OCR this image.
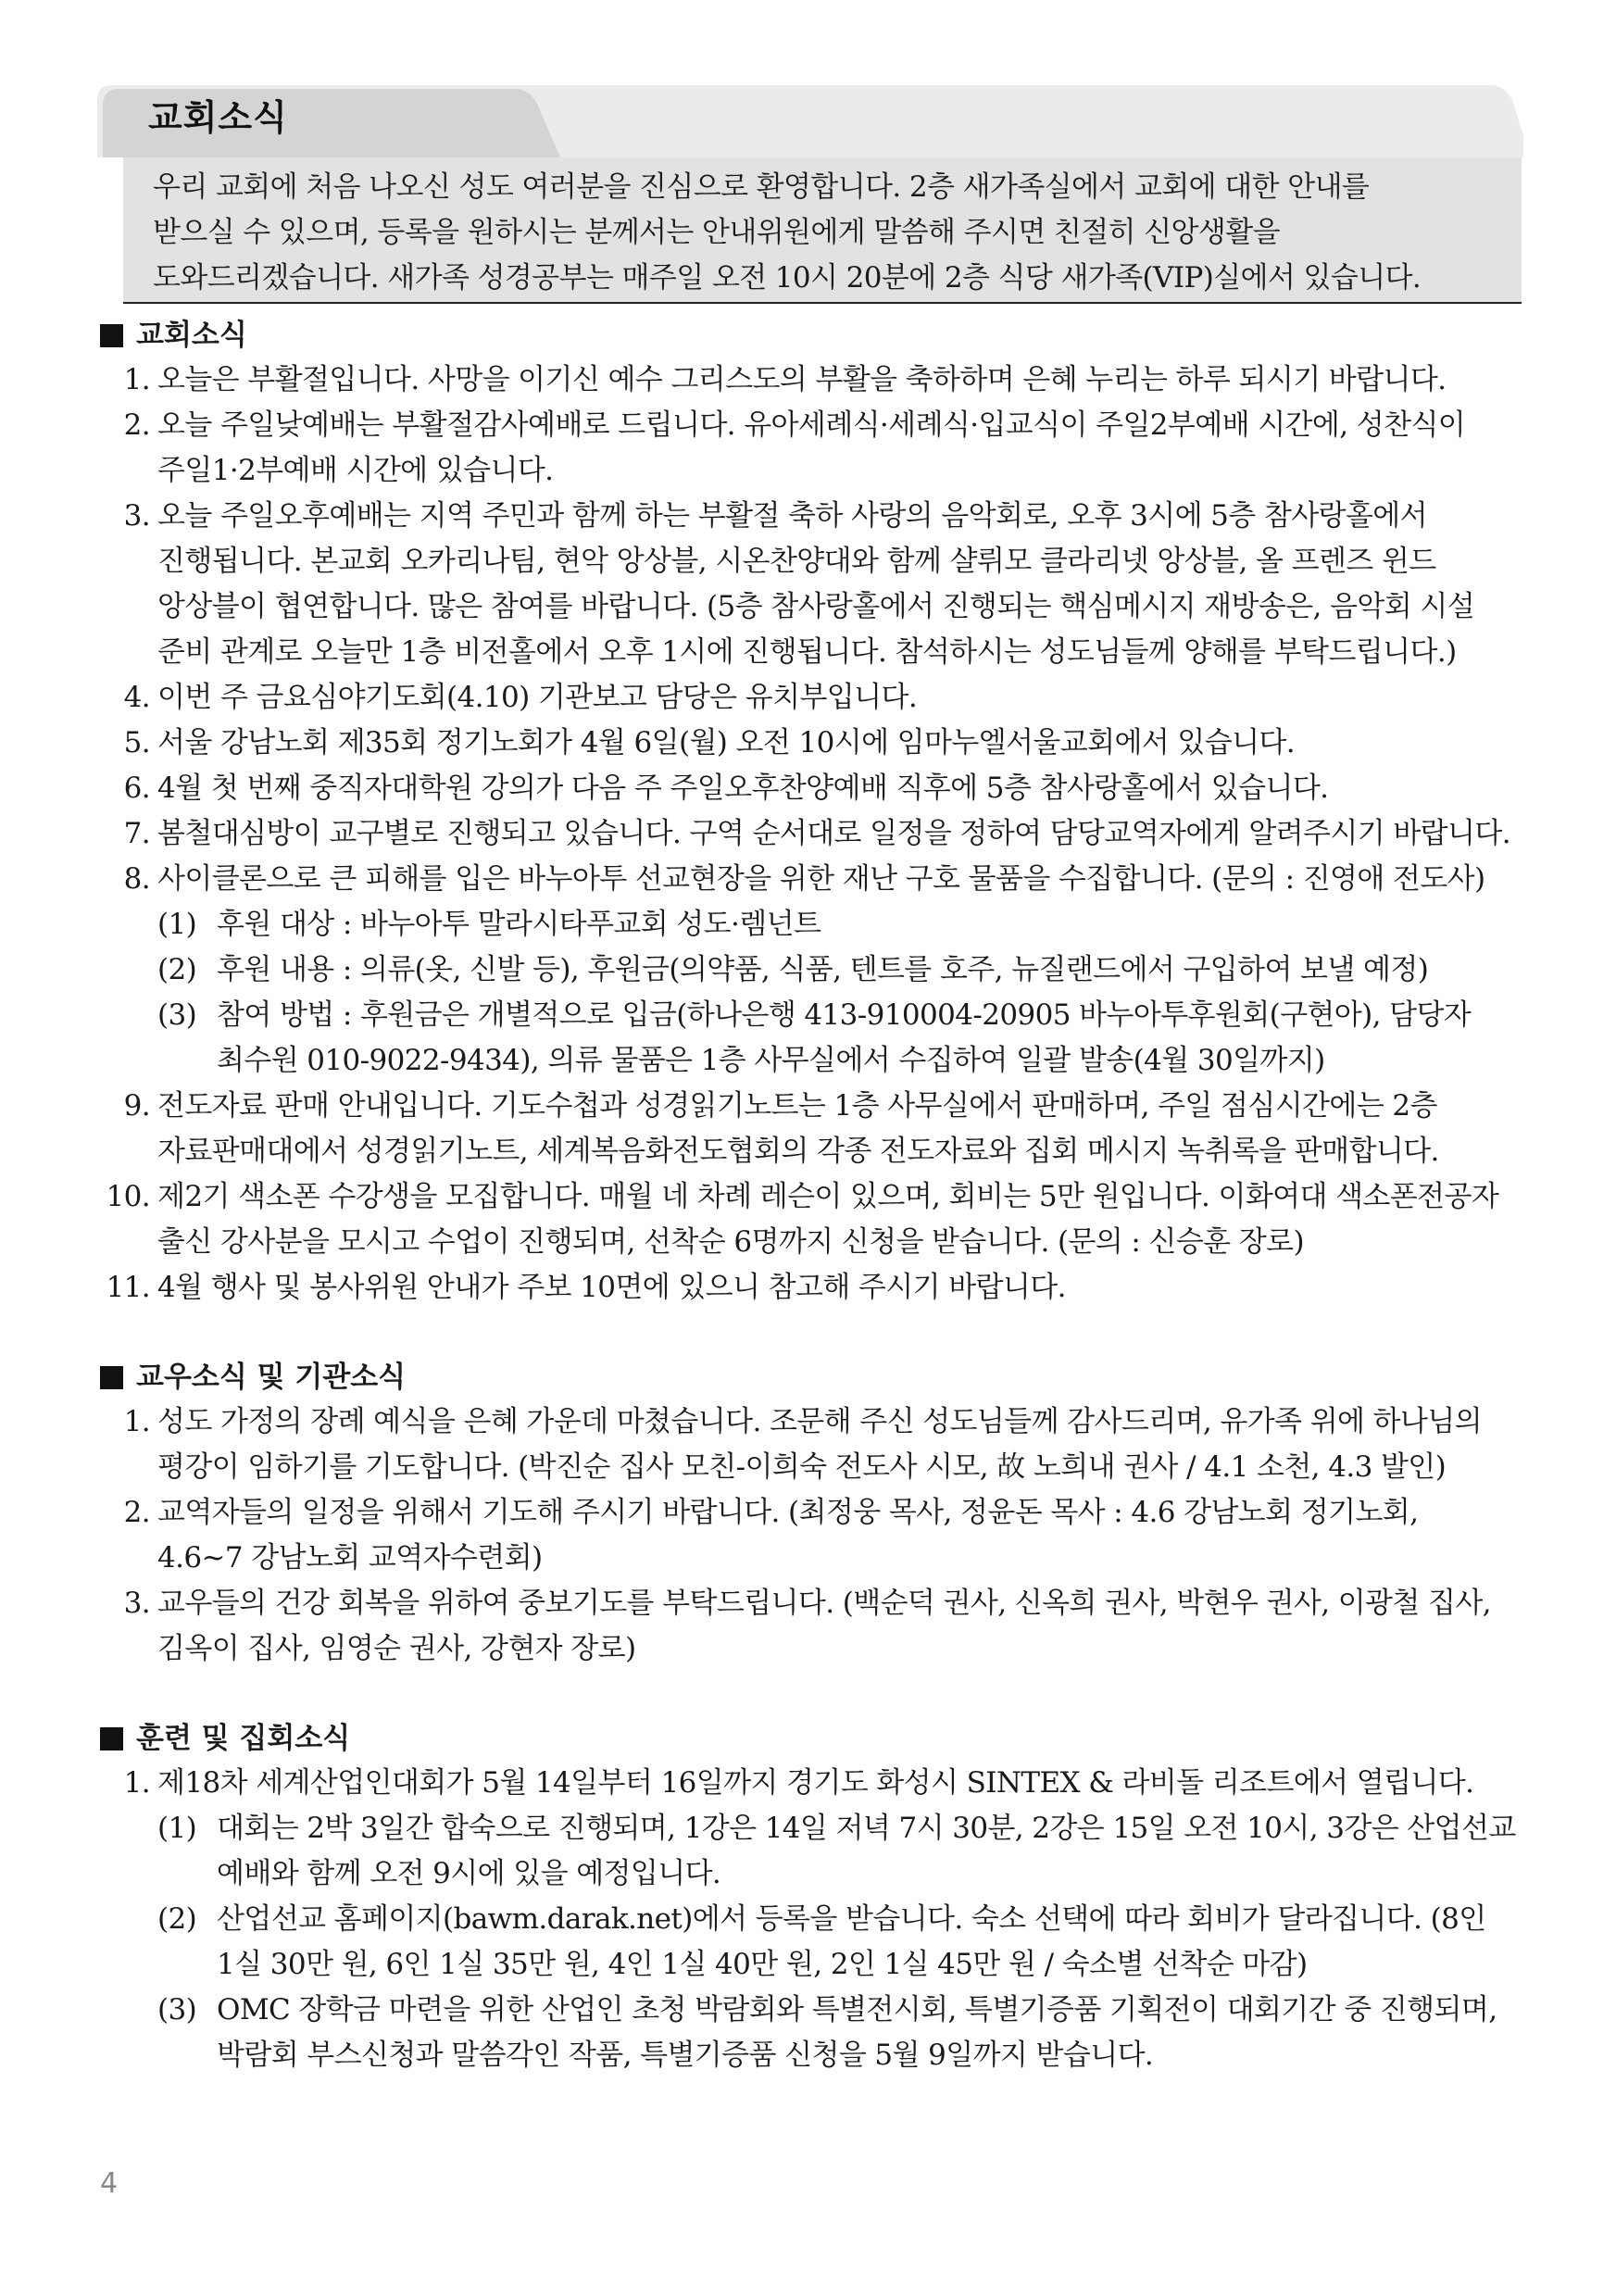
교회소식

우리 교회에 처음 나오신 성도 여러분을 진심으로 환영합니다. 2층 새가족실에서 교회에 대한 안내를

받으실 수 있으며, 등록을 원하시는 분께서는 안내위원에게 말씀해 주시면 친절히 신앙생활을

도와드리겠습니다. 새가족 성경공부는 매주일 오전 10시 20분에 2층 식당 새가족(VIP)실에서 있습니다.

교회소식
1. 오늘은 부활절입니다. 사망을 이기신 예수 그리스도의 부활을 축하하며 은혜 누리는 하루 되시기 바랍니다.
2. 오늘 주일낮예배는 부활절감사예배로 드립니다. 유아세례식·세례식·입교식이 주일2부예배 시간에, 성찬식이
주일1·2부예배 시간에 있습니다.
3. 오늘 주일오후예배는 지역 주민과 함께 하는 부활절 축하 사랑의 음악회로, 오후 3시에 5층 참사랑홀에서
진행됩니다. 본교회 오카리나팀, 현악 앙상블, 시온찬양대와 함께 샬뤼모 클라리넷 앙상블, 올 프렌즈 윈드
앙상블이 협연합니다. 많은 참여를 바랍니다. (5층 참사랑홀에서 진행되는 핵심메시지 재방송은, 음악회 시설
준비 관계로 오늘만 1층 비전홀에서 오후 1시에 진행됩니다. 참석하시는 성도님들께 양해를 부탁드립니다.)
4. 이번 주 금요심야기도회(4.10) 기관보고 담당은 유치부입니다.
5. 서울 강남노회 제35회 정기노회가 4월 6일(월) 오전 10시에 임마누엘서울교회에서 있습니다.
6. 4월 첫 번째 중직자대학원 강의가 다음 주 주일오후찬양예배 직후에 5층 참사랑홀에서 있습니다.
7. 봄철대심방이 교구별로 진행되고 있습니다. 구역 순서대로 일정을 정하여 담당교역자에게 알려주시기 바랍니다.
8. 사이클론으로 큰 피해를 입은 바누아투 선교현장을 위한 재난 구호 물품을 수집합니다. (문의 : 진영애 전도사)
(1) 후원 대상 : 바누아투 말라시타푸교회 성도·렘넌트
(2) 후원 내용 : 의류(옷, 신발 등), 후원금(의약품, 식품, 텐트를 호주, 뉴질랜드에서 구입하여 보낼 예정)
(3) 참여 방법 : 후원금은 개별적으로 입금(하나은행 413-910004-20905 바누아투후원회(구현아), 담당자
최수원 010-9022-9434), 의류 물품은 1층 사무실에서 수집하여 일괄 발송(4월 30일까지)
9. 전도자료 판매 안내입니다. 기도수첩과 성경읽기노트는 1층 사무실에서 판매하며, 주일 점심시간에는 2층
자료판매대에서 성경읽기노트, 세계복음화전도협회의 각종 전도자료와 집회 메시지 녹취록을 판매합니다.
10. 제2기 색소폰 수강생을 모집합니다. 매월 네 차례 레슨이 있으며, 회비는 5만 원입니다. 이화여대 색소폰전공자
출신 강사분을 모시고 수업이 진행되며, 선착순 6명까지 신청을 받습니다. (문의 : 신승훈 장로)
11. 4월 행사 및 봉사위원 안내가 주보 10면에 있으니 참고해 주시기 바랍니다.
교우소식 및 기관소식
1. 성도 가정의 장례 예식을 은혜 가운데 마쳤습니다. 조문해 주신 성도님들께 감사드리며, 유가족 위에 하나님의
평강이 임하기를 기도합니다. (박진순 집사 모친-이희숙 전도사 시모, 故 노희내 권사 / 4.1 소천, 4.3 발인)
2. 교역자들의 일정을 위해서 기도해 주시기 바랍니다. (최정웅 목사, 정윤돈 목사 : 4.6 강남노회 정기노회,
4.6~7 강남노회 교역자수련회)
3. 교우들의 건강 회복을 위하여 중보기도를 부탁드립니다. (백순덕 권사, 신옥희 권사, 박현우 권사, 이광철 집사,
김옥이 집사, 임영순 권사, 강현자 장로)
훈련 및 집회소식
1. 제18차 세계산업인대회가 5월 14일부터 16일까지 경기도 화성시 SINTEX & 라비돌 리조트에서 열립니다.
(1) 대회는 2박 3일간 합숙으로 진행되며, 1강은 14일 저녁 7시 30분, 2강은 15일 오전 10시, 3강은 산업선교
예배와 함께 오전 9시에 있을 예정입니다.
(2) 산업선교 홈페이지(bawm.darak.net)에서 등록을 받습니다. 숙소 선택에 따라 회비가 달라집니다. (8인
1실 30만 원, 6인 1실 35만 원, 4인 1실 40만 원, 2인 1실 45만 원 / 숙소별 선착순 마감)
(3) OMC 장학금 마련을 위한 산업인 초청 박람회와 특별전시회, 특별기증품 기획전이 대회기간 중 진행되며,
박람회 부스신청과 말씀각인 작품, 특별기증품 신청을 5월 9일까지 받습니다.
4
